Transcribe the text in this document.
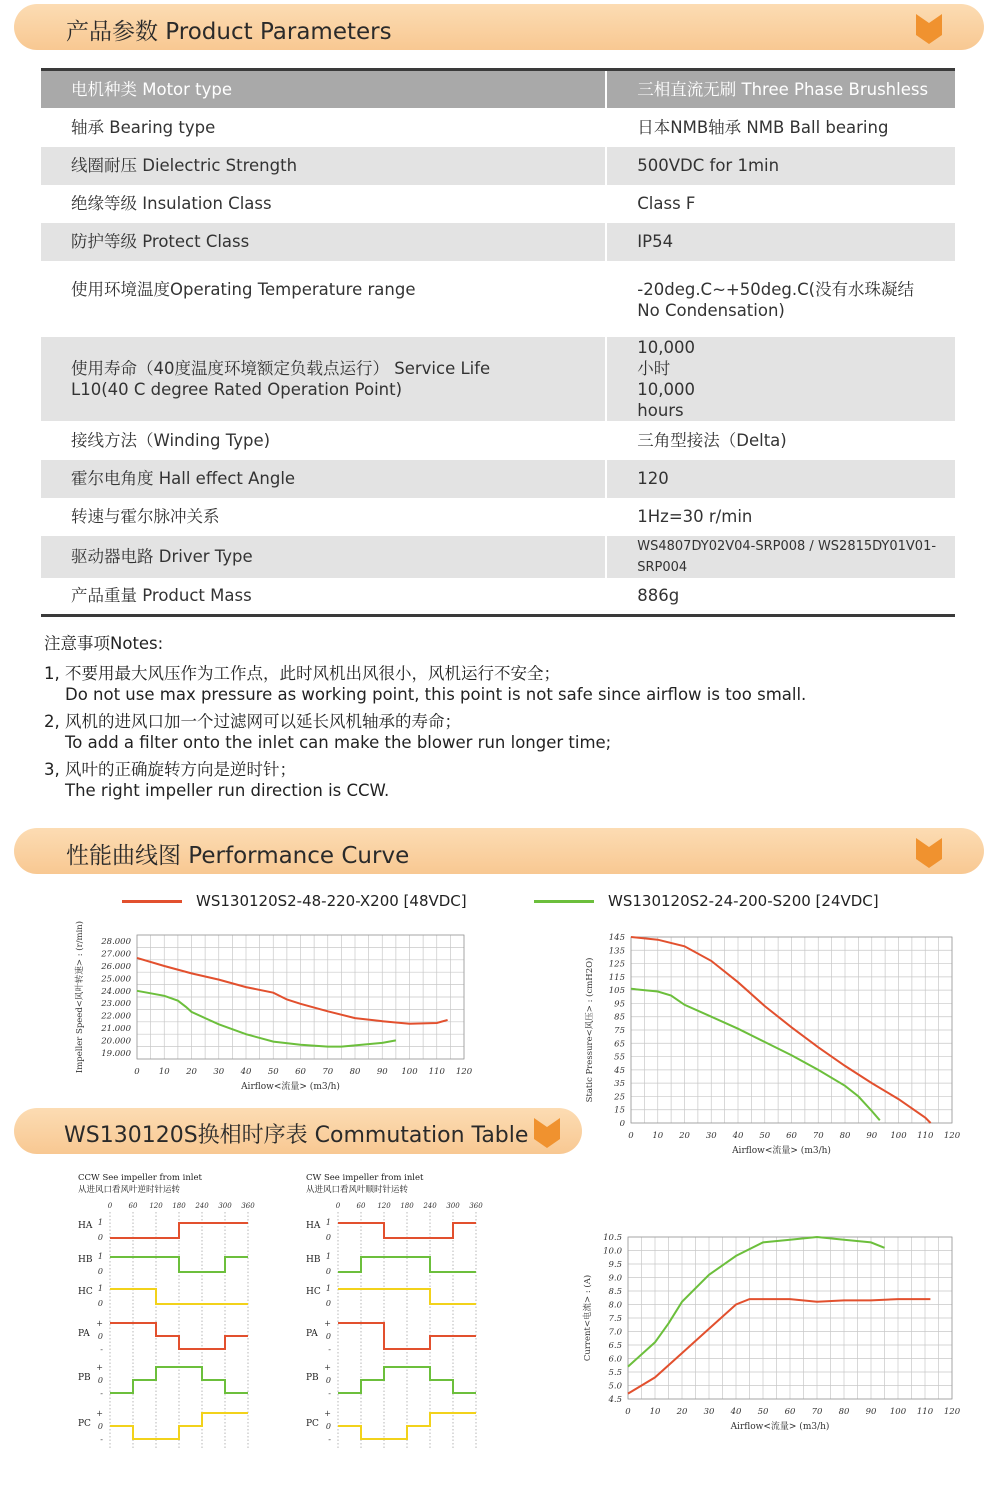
产品参数 Product Parameters
电机种类 Motor type	三相直流无刷 Three Phase Brushless
轴承 Bearing type	日本NMB轴承 NMB Ball bearing
线圈耐压 Dielectric Strength	500VDC for 1min
绝缘等级 Insulation Class	Class F
防护等级 Protect Class	IP54
使用环境温度Operating Temperature range	-20deg.C~+50deg.C(没有水珠凝结No Condensation)
使用寿命（40度温度环境额定负载点运行） Service Life L10(40 C degree Rated Operation Point)	10,000小时 10,000 hours
接线方法（Winding Type)	三角型接法（Delta)
霍尔电角度 Hall effect Angle	120
转速与霍尔脉冲关系	1Hz=30 r/min
驱动器电路 Driver Type	WS4807DY02V04-SRP008 / WS2815DY01V01-SRP004
产品重量 Product Mass	886g
注意事项Notes:
1, 不要用最大风压作为工作点，此时风机出风很小，风机运行不安全；
Do not use max pressure as working point, this point is not safe since airflow is too small.
2, 风机的进风口加一个过滤网可以延长风机轴承的寿命；
To add a filter onto the inlet can make the blower run longer time;
3, 风叶的正确旋转方向是逆时针；
The right impeller run direction is CCW.
性能曲线图 Performance Curve
WS130120S2-48-220-X200 [48VDC]	WS130120S2-24-200-S200 [24VDC]
0 10 20 30 40 50 60 70 80 90 100 110 120
19.000
20.000
21.000
22.000
23.000
24.000
25.000
26.000
27.000
28.000
Airflow<流量> (m3/h)
Impeller Speed<风叶转速> : (r/min)
0 10 20 30 40 50 60 70 80 90 100 110 120
0
15
25
35
45
55
65
75
85
95
105
115
125
135
145
Airflow<流量> (m3/h)
Static Pressure<风压> : (cmH2O)
0 10 20 30 40 50 60 70 80 90 100 110 120
4.5
5.0
5.5
6.0
6.5
7.0
7.5
8.0
8.5
9.0
9.5
10.0
10.5
Airflow<流量> (m3/h)
Current<电流> : (A)
WS130120S换相时序表 Commutation Table
CCW See impeller from inlet
从进风口看风叶逆时针运转
0 60 120 180 240 300 360
HA 1
0
HB 1
0
HC 1
0
PA
+
0
-
PB
+
0
-
PC
+
0
-
CW See impeller from inlet
从进风口看风叶顺时针运转
0 60 120 180 240 300 360
HA 1
0
HB 1
0
HC 1
0
PA
+
0
-
PB
+
0
-
PC
+
0
-
